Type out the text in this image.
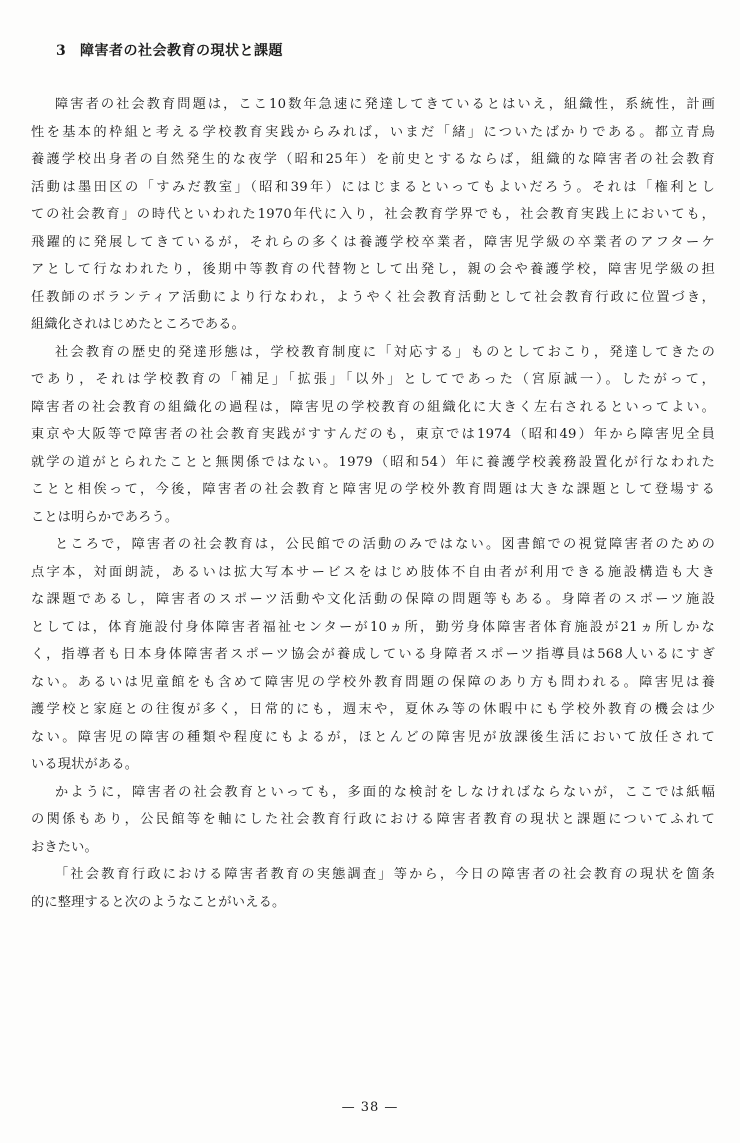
3 障害者の社会教育の現状と課題
障害者の社会教育問題は，ここ10数年急速に発達してきているとはいえ，組織性，系統性，計画
性を基本的枠組と考える学校教育実践からみれば，いまだ「緒」についたばかりである。都立青鳥
養護学校出身者の自然発生的な夜学（昭和25年）を前史とするならば，組織的な障害者の社会教育
活動は墨田区の「すみだ教室」（昭和39年）にはじまるといってもよいだろう。それは「権利とし
ての社会教育」の時代といわれた1970年代に入り，社会教育学界でも，社会教育実践上においても，
飛躍的に発展してきているが，それらの多くは養護学校卒業者，障害児学級の卒業者のアフターケ
アとして行なわれたり，後期中等教育の代替物として出発し，親の会や養護学校，障害児学級の担
任教師のボランティア活動により行なわれ，ようやく社会教育活動として社会教育行政に位置づき，
組織化されはじめたところである。
社会教育の歴史的発達形態は，学校教育制度に「対応する」ものとしておこり，発達してきたの
であり，それは学校教育の「補足」「拡張」「以外」としてであった（宮原誠一）。したがって，
障害者の社会教育の組織化の過程は，障害児の学校教育の組織化に大きく左右されるといってよい。
東京や大阪等で障害者の社会教育実践がすすんだのも，東京では1974（昭和49）年から障害児全員
就学の道がとられたことと無関係ではない。1979（昭和54）年に養護学校義務設置化が行なわれた
ことと相俟って，今後，障害者の社会教育と障害児の学校外教育問題は大きな課題として登場する
ことは明らかであろう。
ところで，障害者の社会教育は，公民館での活動のみではない。図書館での視覚障害者のための
点字本，対面朗読，あるいは拡大写本サービスをはじめ肢体不自由者が利用できる施設構造も大き
な課題であるし，障害者のスポーツ活動や文化活動の保障の問題等もある。身障者のスポーツ施設
としては，体育施設付身体障害者福祉センターが10ヵ所，勤労身体障害者体育施設が21ヵ所しかな
く，指導者も日本身体障害者スポーツ協会が養成している身障者スポーツ指導員は568人いるにすぎ
ない。あるいは児童館をも含めて障害児の学校外教育問題の保障のあり方も問われる。障害児は養
護学校と家庭との往復が多く，日常的にも，週末や，夏休み等の休暇中にも学校外教育の機会は少
ない。障害児の障害の種類や程度にもよるが，ほとんどの障害児が放課後生活において放任されて
いる現状がある。
かように，障害者の社会教育といっても，多面的な検討をしなければならないが，ここでは紙幅
の関係もあり，公民館等を軸にした社会教育行政における障害者教育の現状と課題についてふれて
おきたい。
「社会教育行政における障害者教育の実態調査」等から，今日の障害者の社会教育の現状を箇条
的に整理すると次のようなことがいえる。
— 38 —
